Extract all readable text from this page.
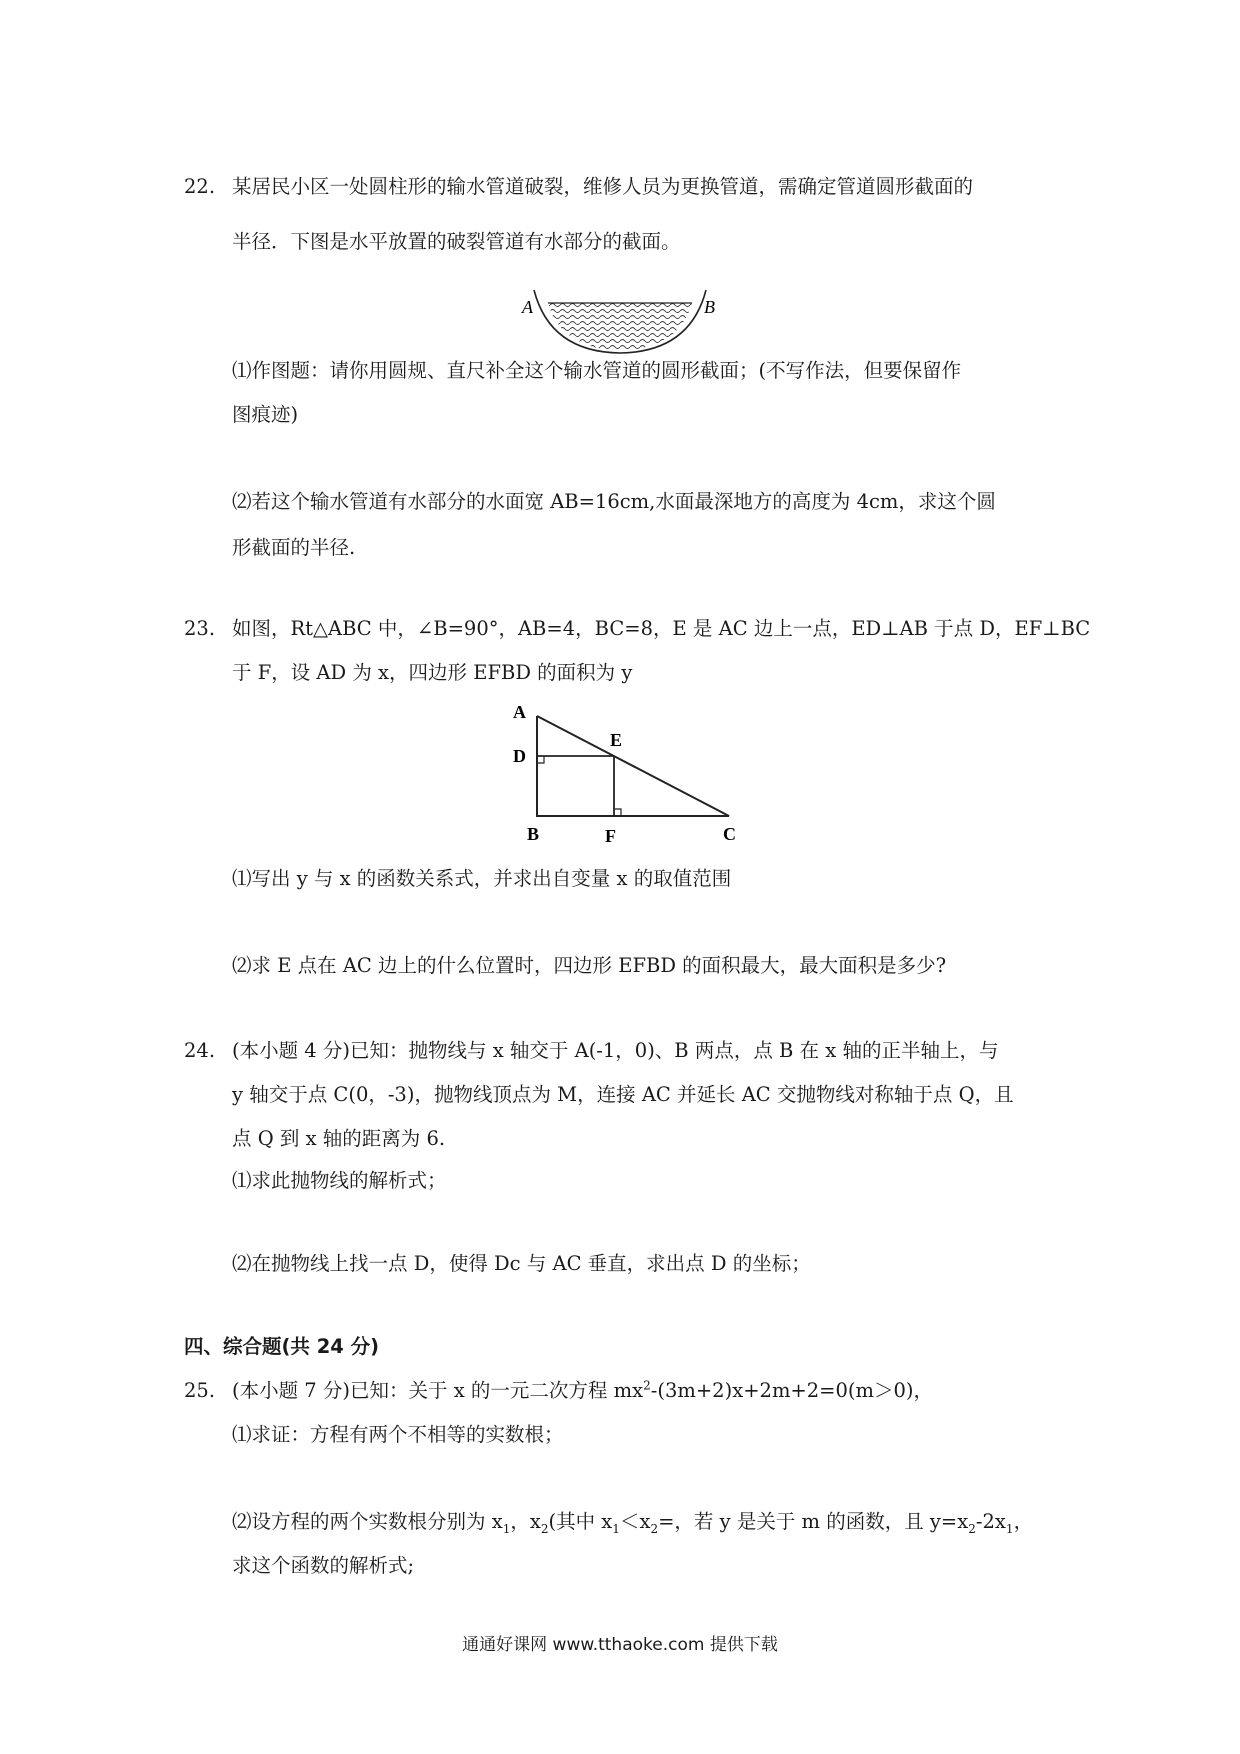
22. 某居民小区一处圆柱形的输水管道破裂，维修人员为更换管道，需确定管道圆形截面的
半径．下图是水平放置的破裂管道有水部分的截面。
A	B
⑴作图题：请你用圆规、直尺补全这个输水管道的圆形截面；(不写作法，但要保留作
图痕迹)
⑵若这个输水管道有水部分的水面宽 AB=16cm,水面最深地方的高度为 4cm，求这个圆
形截面的半径.
23. 如图，Rt△ABC 中，∠B=90°，AB=4，BC=8，E 是 AC 边上一点，ED⊥AB 于点 D，EF⊥BC
于 F，设 AD 为 x，四边形 EFBD 的面积为 y
A
D
E
B	F	C
⑴写出 y 与 x 的函数关系式，并求出自变量 x 的取值范围
⑵求 E 点在 AC 边上的什么位置时，四边形 EFBD 的面积最大，最大面积是多少?
24. (本小题 4 分)已知：抛物线与 x 轴交于 A(-1，0)、B 两点，点 B 在 x 轴的正半轴上，与
y 轴交于点 C(0，-3)，抛物线顶点为 M，连接 AC 并延长 AC 交抛物线对称轴于点 Q，且
点 Q 到 x 轴的距离为 6.
⑴求此抛物线的解析式；
⑵在抛物线上找一点 D，使得 Dc 与 AC 垂直，求出点 D 的坐标；
四、综合题(共 24 分)
25. (本小题 7 分)已知：关于 x 的一元二次方程 $mx^2-(3m+2)x+2m+2=0(m>0)$，
⑴求证：方程有两个不相等的实数根；
⑵设方程的两个实数根分别为 $x_1$，$x_2$(其中 $x_1<x_2=$，若 y 是关于 m 的函数，且 $y=x_2-2x_1$，
求这个函数的解析式;
通通好课网 www.tthaoke.com 提供下载
